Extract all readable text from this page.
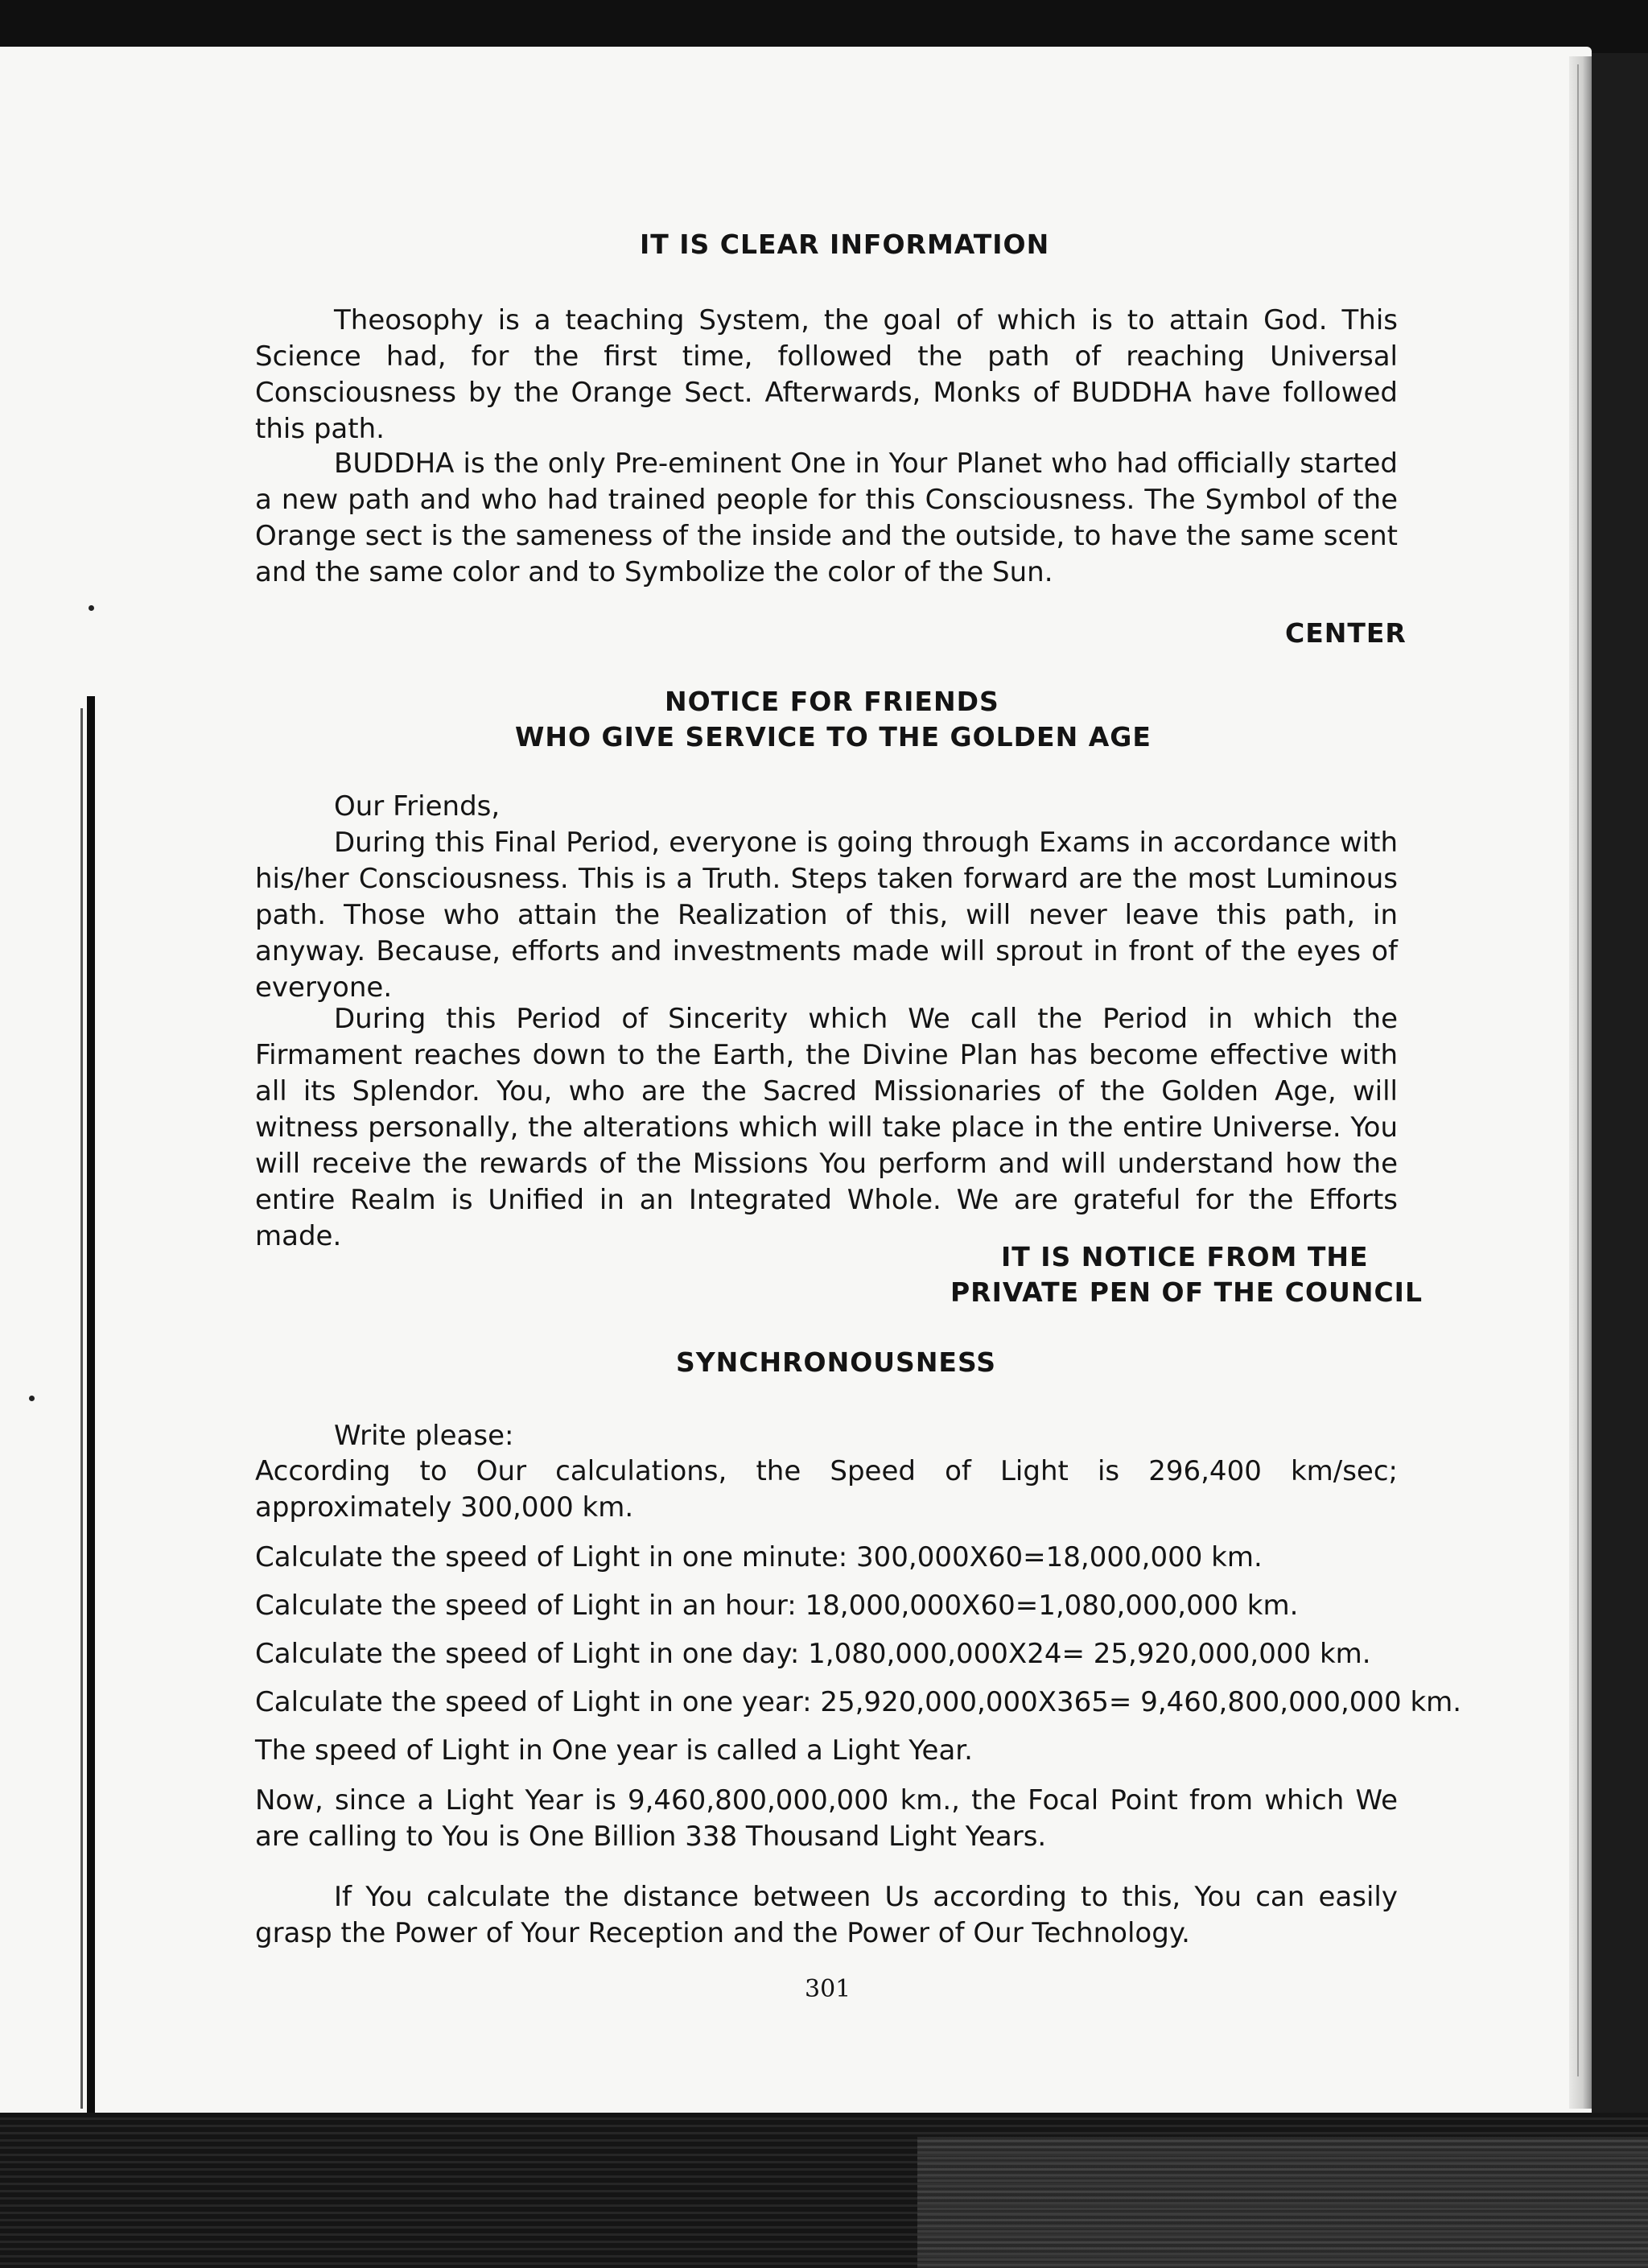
IT IS CLEAR INFORMATION
Theosophy is a teaching System, the goal of which is to attain God. This Science had, for the first time, followed the path of reaching Universal Consciousness by the Orange Sect. Afterwards, Monks of BUDDHA have followed this path.
BUDDHA is the only Pre-eminent One in Your Planet who had officially started a new path and who had trained people for this Consciousness. The Symbol of the Orange sect is the sameness of the inside and the outside, to have the same scent and the same color and to Symbolize the color of the Sun.
CENTER
NOTICE FOR FRIENDS
WHO GIVE SERVICE TO THE GOLDEN AGE
Our Friends,
During this Final Period, everyone is going through Exams in accordance with his/her Consciousness. This is a Truth. Steps taken forward are the most Luminous path. Those who attain the Realization of this, will never leave this path, in anyway. Because, efforts and investments made will sprout in front of the eyes of everyone.
During this Period of Sincerity which We call the Period in which the Firmament reaches down to the Earth, the Divine Plan has become effective with all its Splendor. You, who are the Sacred Missionaries of the Golden Age, will witness personally, the alterations which will take place in the entire Universe. You will receive the rewards of the Missions You perform and will understand how the entire Realm is Unified in an Integrated Whole. We are grateful for the Efforts made.
IT IS NOTICE FROM THE
PRIVATE PEN OF THE COUNCIL
SYNCHRONOUSNESS
Write please:
According to Our calculations, the Speed of Light is 296,400 km/sec; approximately 300,000 km.
Calculate the speed of Light in one minute: 300,000X60=18,000,000 km.
Calculate the speed of Light in an hour: 18,000,000X60=1,080,000,000 km.
Calculate the speed of Light in one day: 1,080,000,000X24= 25,920,000,000 km.
Calculate the speed of Light in one year: 25,920,000,000X365= 9,460,800,000,000 km.
The speed of Light in One year is called a Light Year.
Now, since a Light Year is 9,460,800,000,000 km., the Focal Point from which We are calling to You is One Billion 338 Thousand Light Years.
If You calculate the distance between Us according to this, You can easily grasp the Power of Your Reception and the Power of Our Technology.
301
